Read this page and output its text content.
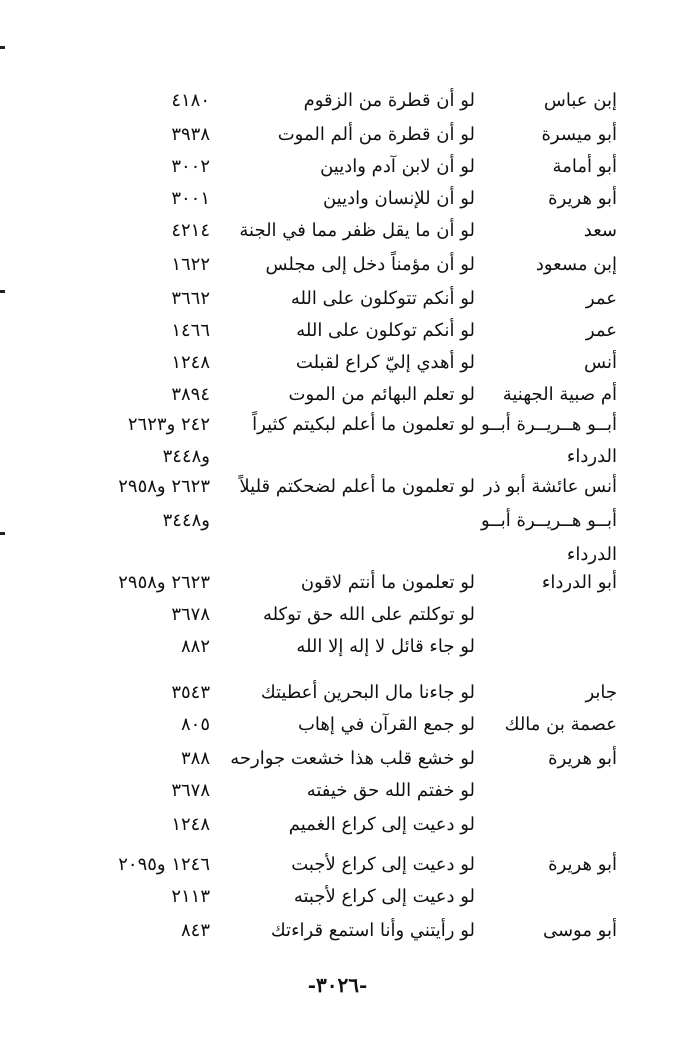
إبن عباس
لو أن قطرة من الزقوم
٤١٨٠
أبو ميسرة
لو أن قطرة من ألم الموت
٣٩٣٨
أبو أمامة
لو أن لابن آدم واديين
٣٠٠٢
أبو هريرة
لو أن للإنسان واديين
٣٠٠١
سعد
لو أن ما يقل ظفر مما في الجنة
٤٢١٤
إبن مسعود
لو أن مؤمناً دخل إلى مجلس
١٦٢٢
عمر
لو أنكم تتوكلون على الله
٣٦٦٢
عمر
لو أنكم توكلون على الله
١٤٦٦
أنس
لو أهدي إليّ كراع لقبلت
١٢٤٨
أم صبية الجهنية
لو تعلم البهائم من الموت
٣٨٩٤
أبــو هــريــرة أبــو
لو تعلمون ما أعلم لبكيتم كثيراً
٢٤٢ و٢٦٢٣
الدرداء
و٣٤٤٨
أنس عائشة أبو ذر
لو تعلمون ما أعلم لضحكتم قليلاً
٢٦٢٣ و٢٩٥٨
أبــو هــريــرة أبــو
و٣٤٤٨
الدرداء
أبو الدرداء
لو تعلمون ما أنتم لاقون
٢٦٢٣ و٢٩٥٨
لو توكلتم على الله حق توكله
٣٦٧٨
لو جاء قائل لا إله إلا الله
٨٨٢
جابر
لو جاءنا مال البحرين أعطيتك
٣٥٤٣
عصمة بن مالك
لو جمع القرآن في إهاب
٨٠٥
أبو هريرة
لو خشع قلب هذا خشعت جوارحه
٣٨٨
لو خفتم الله حق خيفته
٣٦٧٨
لو دعيت إلى كراع الغميم
١٢٤٨
أبو هريرة
لو دعيت إلى كراع لأجبت
١٢٤٦ و٢٠٩٥
لو دعيت إلى كراع لأجبته
٢١١٣
أبو موسى
لو رأيتني وأنا استمع قراءتك
٨٤٣
-٣٠٢٦-
